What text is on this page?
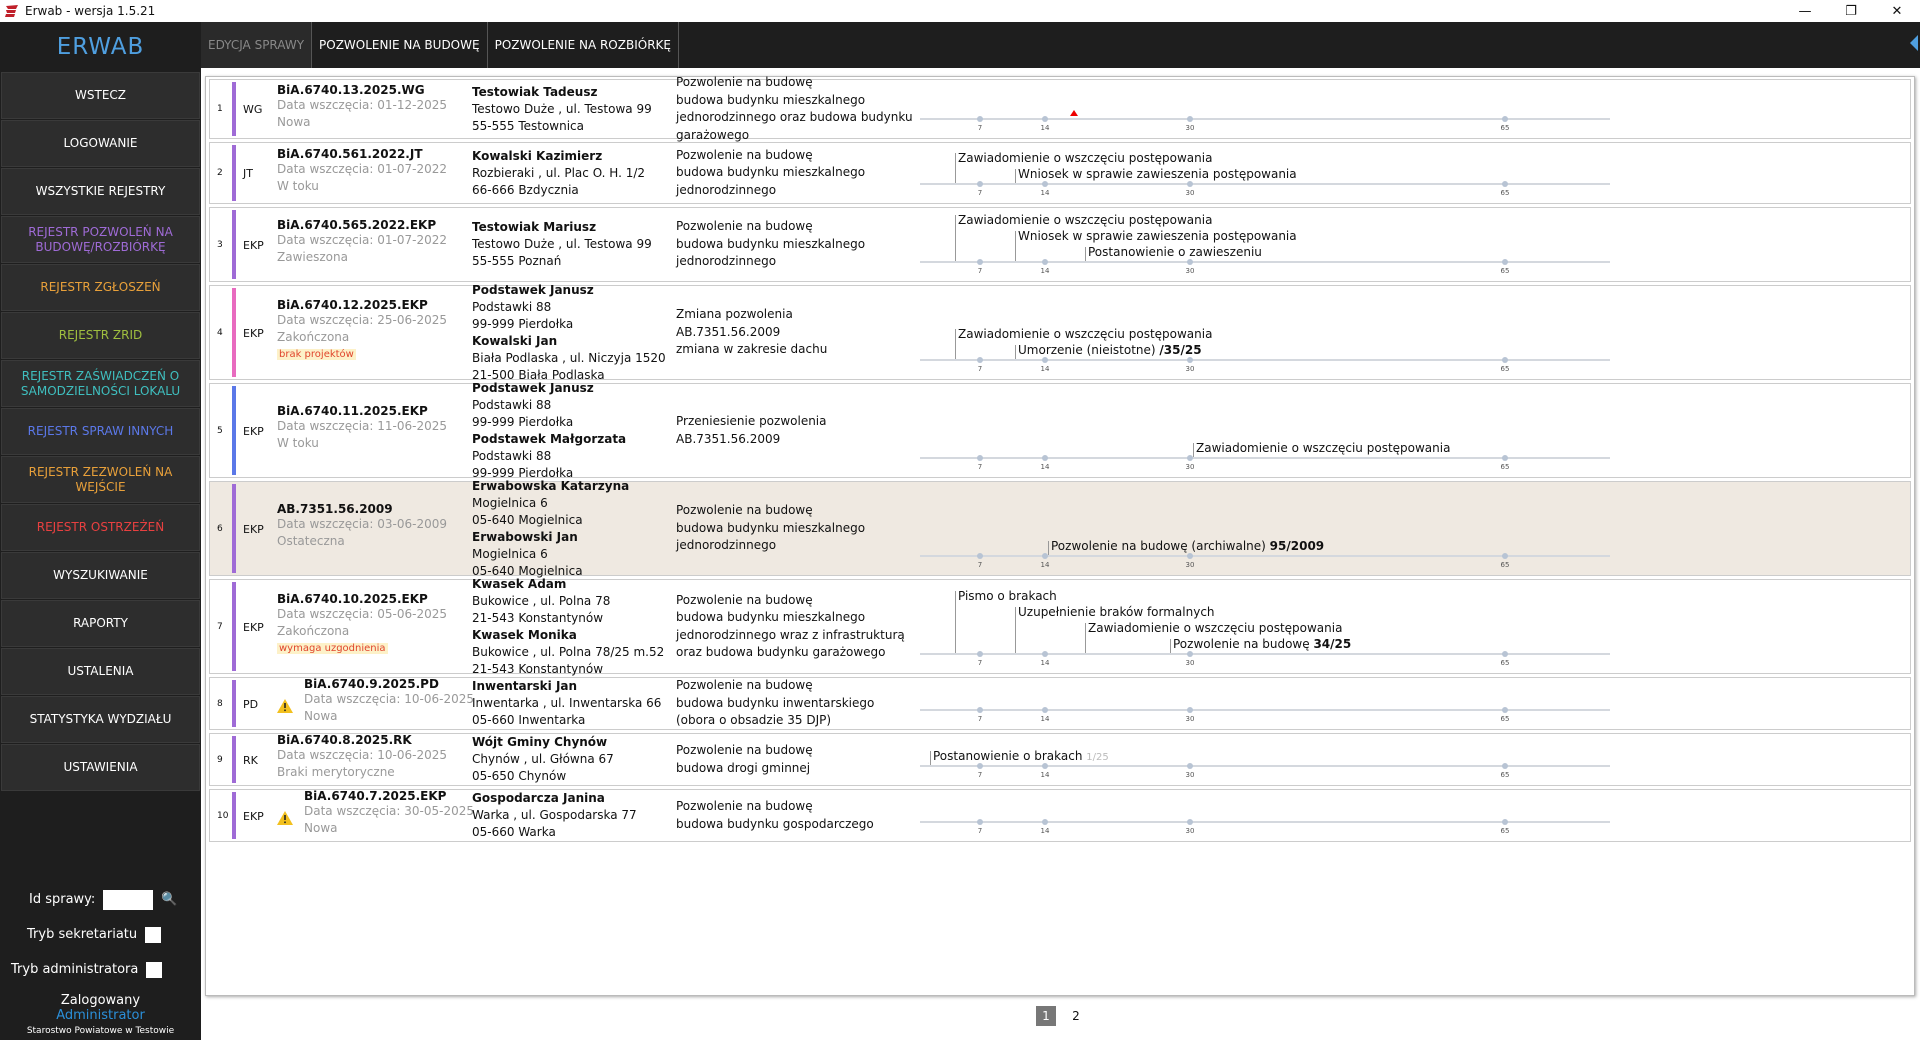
Erwab - wersja 1.5.21	—	❐	✕
ERWAB
WSTECZ
LOGOWANIE
WSZYSTKIE REJESTRY
REJESTR POZWOLEŃ NA BUDOWĘ/ROZBIÓRKĘ
REJESTR ZGŁOSZEŃ
REJESTR ZRID
REJESTR ZAŚWIADCZEŃ O SAMODZIELNOŚCI LOKALU
REJESTR SPRAW INNYCH
REJESTR ZEZWOLEŃ NA WEJŚCIE
REJESTR OSTRZEŻEŃ
WYSZUKIWANIE
RAPORTY
USTALENIA
STATYSTYKA WYDZIAŁU
USTAWIENIA
Id sprawy:	🔍
Tryb sekretariatu
Tryb administratora
Zalogowany
Administrator
Starostwo Powiatowe w Testowie
EDYCJA SPRAWY	POZWOLENIE NA BUDOWĘ	POZWOLENIE NA ROZBIÓRKĘ
1 WG
BiA.6740.13.2025.WG
Data wszczęcia: 01-12-2025
Nowa
Testowiak Tadeusz
Testowo Duże , ul. Testowa 99
55-555 Testownica
Pozwolenie na budowę
budowa budynku mieszkalnego
jednorodzinnego oraz budowa budynku
garażowego	7	14	30	65
2 JT
BiA.6740.561.2022.JT
Data wszczęcia: 01-07-2022
W toku
Kowalski Kazimierz
Rozbieraki , ul. Plac O. H. 1/2
66-666 Bzdycznia
Pozwolenie na budowę
budowa budynku mieszkalnego
jednorodzinnego	7	14	30	65
Zawiadomienie o wszczęciu postępowania
Wniosek w sprawie zawieszenia postępowania
3 EKP
BiA.6740.565.2022.EKP
Data wszczęcia: 01-07-2022
Zawieszona
Testowiak Mariusz
Testowo Duże , ul. Testowa 99
55-555 Poznań
Pozwolenie na budowę
budowa budynku mieszkalnego
jednorodzinnego
7	14	30	65
Zawiadomienie o wszczęciu postępowania
Wniosek w sprawie zawieszenia postępowania
Postanowienie o zawieszeniu
4 EKP
BiA.6740.12.2025.EKP
Data wszczęcia: 25-06-2025
Zakończona
brak projektów
Podstawek Janusz
Podstawki 88
99-999 Pierdołka
Kowalski Jan
Biała Podlaska , ul. Niczyja 1520
21-500 Biała Podlaska
Zmiana pozwolenia
AB.7351.56.2009
zmiana w zakresie dachu
7	14	30	65
Zawiadomienie o wszczęciu postępowania
Umorzenie (nieistotne) /35/25
5 EKP
BiA.6740.11.2025.EKP
Data wszczęcia: 11-06-2025
W toku
Podstawek Janusz
Podstawki 88
99-999 Pierdołka
Podstawek Małgorzata
Podstawki 88
99-999 Pierdołka
Przeniesienie pozwolenia
AB.7351.56.2009
7	14	30	65
Zawiadomienie o wszczęciu postępowania
6 EKP
AB.7351.56.2009
Data wszczęcia: 03-06-2009
Ostateczna
Erwabowska Katarzyna
Mogielnica 6
05-640 Mogielnica
Erwabowski Jan
Mogielnica 6
05-640 Mogielnica
Pozwolenie na budowę
budowa budynku mieszkalnego
jednorodzinnego
7	14	30	65
Pozwolenie na budowę (archiwalne) 95/2009
7 EKP
BiA.6740.10.2025.EKP
Data wszczęcia: 05-06-2025
Zakończona
wymaga uzgodnienia
Kwasek Adam
Bukowice , ul. Polna 78
21-543 Konstantynów
Kwasek Monika
Bukowice , ul. Polna 78/25 m.52
21-543 Konstantynów
Pozwolenie na budowę
budowa budynku mieszkalnego
jednorodzinnego wraz z infrastrukturą
oraz budowa budynku garażowego
7	14	30	65
Pismo o brakach
Uzupełnienie braków formalnych
Zawiadomienie o wszczęciu postępowania
Pozwolenie na budowę 34/25
8 PD
BiA.6740.9.2025.PD
Data wszczęcia: 10-06-2025
Nowa
Inwentarski Jan
Inwentarka , ul. Inwentarska 66
05-660 Inwentarka
Pozwolenie na budowę
budowa budynku inwentarskiego
(obora o obsadzie 35 DJP)	7	14	30	65
9 RK
BiA.6740.8.2025.RK
Data wszczęcia: 10-06-2025
Braki merytoryczne
Wójt Gminy Chynów
Chynów , ul. Główna 67
05-650 Chynów
Pozwolenie na budowę
budowa drogi gminnej
7	14	30	65
Postanowienie o brakach 1/25
10 EKP
BiA.6740.7.2025.EKP
Data wszczęcia: 30-05-2025
Nowa
Gospodarcza Janina
Warka , ul. Gospodarska 77
05-660 Warka
Pozwolenie na budowę
budowa budynku gospodarczego
7	14	30	65
1	2
